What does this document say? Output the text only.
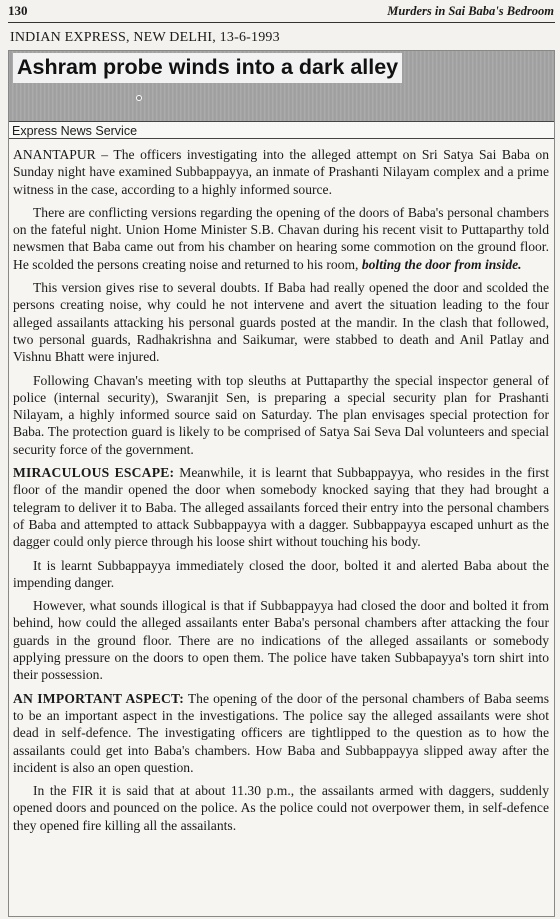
130	Murders in Sai Baba's Bedroom
INDIAN EXPRESS, NEW DELHI, 13-6-1993
Ashram probe winds into a dark alley
Express News Service

ANANTAPUR – The officers investigating into the alleged attempt on Sri Satya Sai Baba on Sunday night have examined Subbappayya, an inmate of Prashanti Nilayam complex and a prime witness in the case, according to a highly informed source.

There are conflicting versions regarding the opening of the doors of Baba's personal chambers on the fateful night. Union Home Minister S.B. Chavan during his recent visit to Puttaparthy told newsmen that Baba came out from his chamber on hearing some commotion on the ground floor. He scolded the persons creating noise and returned to his room, bolting the door from inside.

This version gives rise to several doubts. If Baba had really opened the door and scolded the persons creating noise, why could he not intervene and avert the situation leading to the four alleged assailants attacking his personal guards posted at the mandir. In the clash that followed, two personal guards, Radhakrishna and Saikumar, were stabbed to death and Anil Patlay and Vishnu Bhatt were injured.

Following Chavan's meeting with top sleuths at Puttaparthy the special inspector general of police (internal security), Swaranjit Sen, is preparing a special security plan for Prashanti Nilayam, a highly informed source said on Saturday. The plan envisages special protection for Baba. The protection guard is likely to be comprised of Satya Sai Seva Dal volunteers and special security force of the government.

MIRACULOUS ESCAPE: Meanwhile, it is learnt that Subbappayya, who resides in the first floor of the mandir opened the door when somebody knocked saying that they had brought a telegram to deliver it to Baba. The alleged assailants forced their entry into the personal chambers of Baba and attempted to attack Subbappayya with a dagger. Subbappayya escaped unhurt as the dagger could only pierce through his loose shirt without touching his body.

It is learnt Subbappayya immediately closed the door, bolted it and alerted Baba about the impending danger.

However, what sounds illogical is that if Subbappayya had closed the door and bolted it from behind, how could the alleged assailants enter Baba's personal chambers after attacking the four guards in the ground floor. There are no indications of the alleged assailants or somebody applying pressure on the doors to open them. The police have taken Subbapayya's torn shirt into their possession.

AN IMPORTANT ASPECT: The opening of the door of the personal chambers of Baba seems to be an important aspect in the investigations. The police say the alleged assailants were shot dead in self-defence. The investigating officers are tightlipped to the question as to how the assailants could get into Baba's chambers. How Baba and Subbappayya slipped away after the incident is also an open question.

In the FIR it is said that at about 11.30 p.m., the assailants armed with daggers, suddenly opened doors and pounced on the police. As the police could not overpower them, in self-defence they opened fire killing all the assailants.
